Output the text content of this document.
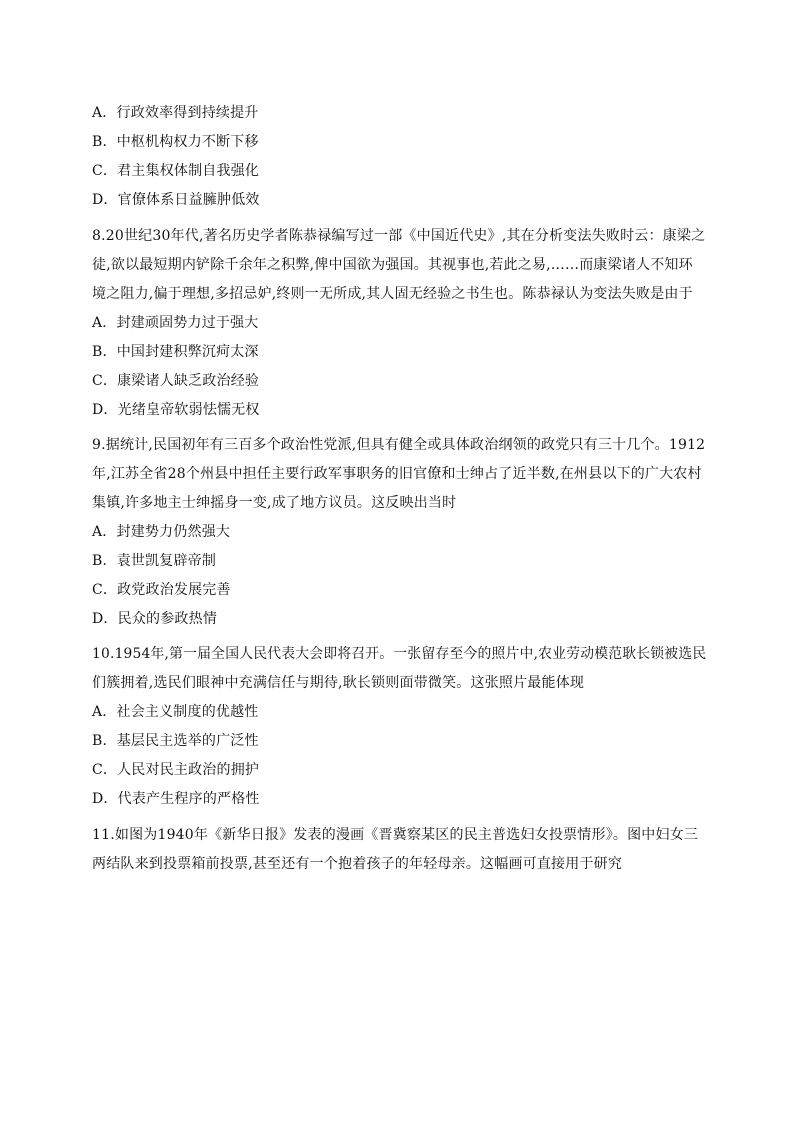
A．行政效率得到持续提升
B．中枢机构权力不断下移
C．君主集权体制自我强化
D．官僚体系日益臃肿低效
8.20世纪30年代,著名历史学者陈恭禄编写过一部《中国近代史》,其在分析变法失败时云：康梁之
徒,欲以最短期内铲除千余年之积弊,俾中国欲为强国。其视事也,若此之易,……而康梁诸人不知环
境之阻力,偏于理想,多招忌妒,终则一无所成,其人固无经验之书生也。陈恭禄认为变法失败是由于
A．封建顽固势力过于强大
B．中国封建积弊沉疴太深
C．康梁诸人缺乏政治经验
D．光绪皇帝软弱怯懦无权
9.据统计,民国初年有三百多个政治性党派,但具有健全或具体政治纲领的政党只有三十几个。1912
年,江苏全省28个州县中担任主要行政军事职务的旧官僚和士绅占了近半数,在州县以下的广大农村
集镇,许多地主士绅摇身一变,成了地方议员。这反映出当时
A．封建势力仍然强大
B．袁世凯复辟帝制
C．政党政治发展完善
D．民众的参政热情
10.1954年,第一届全国人民代表大会即将召开。一张留存至今的照片中,农业劳动模范耿长锁被选民
们簇拥着,选民们眼神中充满信任与期待,耿长锁则面带微笑。这张照片最能体现
A．社会主义制度的优越性
B．基层民主选举的广泛性
C．人民对民主政治的拥护
D．代表产生程序的严格性
11.如图为1940年《新华日报》发表的漫画《晋冀察某区的民主普选妇女投票情形》。图中妇女三
两结队来到投票箱前投票,甚至还有一个抱着孩子的年轻母亲。这幅画可直接用于研究
